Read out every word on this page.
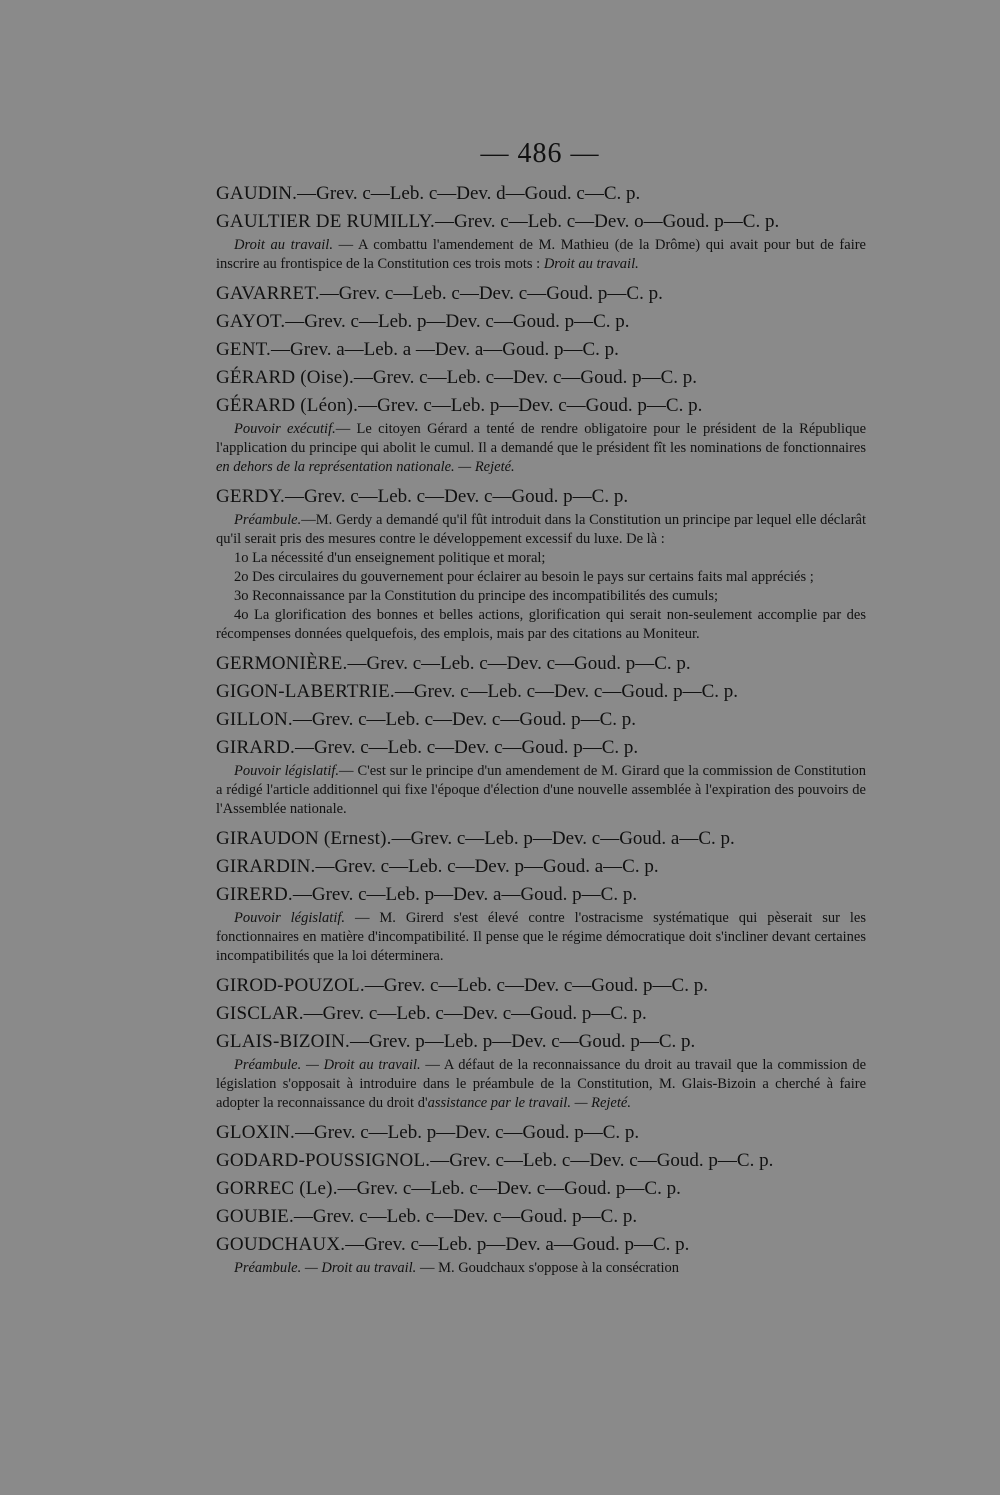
— 486 —
GAUDIN.—Grev. c—Leb. c—Dev. d—Goud. c—C. p.
GAULTIER DE RUMILLY.—Grev. c—Leb. c—Dev. o—Goud. p—C. p.
Droit au travail. — A combattu l'amendement de M. Mathieu (de la Drôme) qui avait pour but de faire inscrire au frontispice de la Constitution ces trois mots : Droit au travail.
GAVARRET.—Grev. c—Leb. c—Dev. c—Goud. p—C. p.
GAYOT.—Grev. c—Leb. p—Dev. c—Goud. p—C. p.
GENT.—Grev. a—Leb. a —Dev. a—Goud. p—C. p.
GÉRARD (Oise).—Grev. c—Leb. c—Dev. c—Goud. p—C. p.
GÉRARD (Léon).—Grev. c—Leb. p—Dev. c—Goud. p—C. p.
Pouvoir exécutif.— Le citoyen Gérard a tenté de rendre obligatoire pour le président de la République l'application du principe qui abolit le cumul. Il a demandé que le président fît les nominations de fonctionnaires en dehors de la représentation nationale. — Rejeté.
GERDY.—Grev. c—Leb. c—Dev. c—Goud. p—C. p.
Préambule.—M. Gerdy a demandé qu'il fût introduit dans la Constitution un principe par lequel elle déclarât qu'il serait pris des mesures contre le développement excessif du luxe. De là :
1o La nécessité d'un enseignement politique et moral;
2o Des circulaires du gouvernement pour éclairer au besoin le pays sur certains faits mal appréciés ;
3o Reconnaissance par la Constitution du principe des incompatibilités des cumuls;
4o La glorification des bonnes et belles actions, glorification qui serait non-seulement accomplie par des récompenses données quelquefois, des emplois, mais par des citations au Moniteur.
GERMONIÈRE.—Grev. c—Leb. c—Dev. c—Goud. p—C. p.
GIGON-LABERTRIE.—Grev. c—Leb. c—Dev. c—Goud. p—C. p.
GILLON.—Grev. c—Leb. c—Dev. c—Goud. p—C. p.
GIRARD.—Grev. c—Leb. c—Dev. c—Goud. p—C. p.
Pouvoir législatif.— C'est sur le principe d'un amendement de M. Girard que la commission de Constitution a rédigé l'article additionnel qui fixe l'époque d'élection d'une nouvelle assemblée à l'expiration des pouvoirs de l'Assemblée nationale.
GIRAUDON (Ernest).—Grev. c—Leb. p—Dev. c—Goud. a—C. p.
GIRARDIN.—Grev. c—Leb. c—Dev. p—Goud. a—C. p.
GIRERD.—Grev. c—Leb. p—Dev. a—Goud. p—C. p.
Pouvoir législatif. — M. Girerd s'est élevé contre l'ostracisme systématique qui pèserait sur les fonctionnaires en matière d'incompatibilité. Il pense que le régime démocratique doit s'incliner devant certaines incompatibilités que la loi déterminera.
GIROD-POUZOL.—Grev. c—Leb. c—Dev. c—Goud. p—C. p.
GISCLAR.—Grev. c—Leb. c—Dev. c—Goud. p—C. p.
GLAIS-BIZOIN.—Grev. p—Leb. p—Dev. c—Goud. p—C. p.
Préambule. — Droit au travail. — A défaut de la reconnaissance du droit au travail que la commission de législation s'opposait à introduire dans le préambule de la Constitution, M. Glais-Bizoin a cherché à faire adopter la reconnaissance du droit d'assistance par le travail. — Rejeté.
GLOXIN.—Grev. c—Leb. p—Dev. c—Goud. p—C. p.
GODARD-POUSSIGNOL.—Grev. c—Leb. c—Dev. c—Goud. p—C. p.
GORREC (Le).—Grev. c—Leb. c—Dev. c—Goud. p—C. p.
GOUBIE.—Grev. c—Leb. c—Dev. c—Goud. p—C. p.
GOUDCHAUX.—Grev. c—Leb. p—Dev. a—Goud. p—C. p.
Préambule. — Droit au travail. — M. Goudchaux s'oppose à la consécration
